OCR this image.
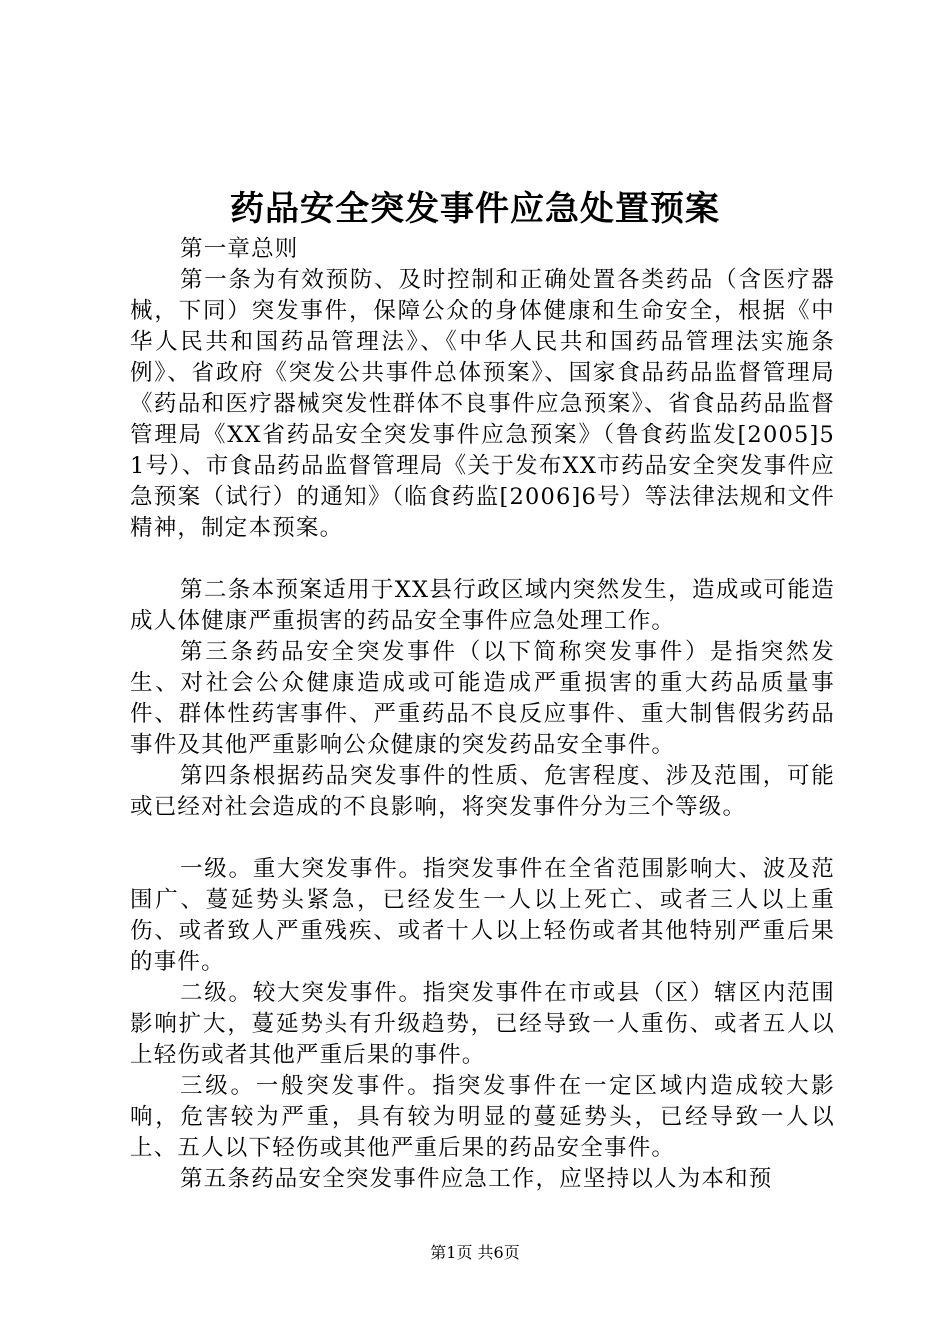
药品安全突发事件应急处置预案

第一章总则

第一条为有效预防、及时控制和正确处置各类药品（含医疗器械，下同）突发事件，保障公众的身体健康和生命安全，根据《中华人民共和国药品管理法》、《中华人民共和国药品管理法实施条例》、省政府《突发公共事件总体预案》、国家食品药品监督管理局《药品和医疗器械突发性群体不良事件应急预案》、省食品药品监督管理局《XX省药品安全突发事件应急预案》（鲁食药监发[2005]51号）、市食品药品监督管理局《关于发布XX市药品安全突发事件应急预案（试行）的通知》（临食药监[2006]6号）等法律法规和文件精神，制定本预案。

第二条本预案适用于XX县行政区域内突然发生，造成或可能造成人体健康严重损害的药品安全事件应急处理工作。

第三条药品安全突发事件（以下简称突发事件）是指突然发生、对社会公众健康造成或可能造成严重损害的重大药品质量事件、群体性药害事件、严重药品不良反应事件、重大制售假劣药品事件及其他严重影响公众健康的突发药品安全事件。

第四条根据药品突发事件的性质、危害程度、涉及范围，可能或已经对社会造成的不良影响，将突发事件分为三个等级。

一级。重大突发事件。指突发事件在全省范围影响大、波及范围广、蔓延势头紧急，已经发生一人以上死亡、或者三人以上重伤、或者致人严重残疾、或者十人以上轻伤或者其他特别严重后果的事件。

二级。较大突发事件。指突发事件在市或县（区）辖区内范围影响扩大，蔓延势头有升级趋势，已经导致一人重伤、或者五人以上轻伤或者其他严重后果的事件。

三级。一般突发事件。指突发事件在一定区域内造成较大影响，危害较为严重，具有较为明显的蔓延势头，已经导致一人以上、五人以下轻伤或其他严重后果的药品安全事件。

第五条药品安全突发事件应急工作，应坚持以人为本和预

第1页 共6页
